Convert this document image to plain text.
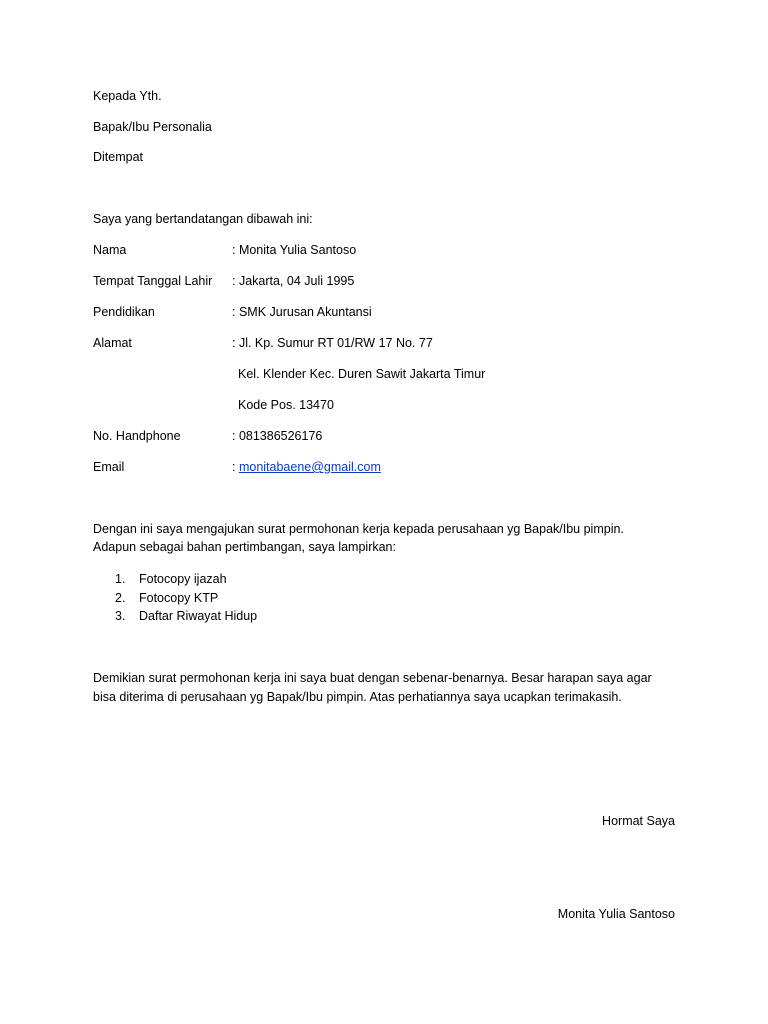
Kepada Yth.
Bapak/Ibu Personalia
Ditempat
Saya yang bertandatangan dibawah ini:
Nama	: Monita Yulia Santoso
Tempat Tanggal Lahir : Jakarta, 04 Juli 1995
Pendidikan	: SMK Jurusan Akuntansi
Alamat	: Jl. Kp. Sumur RT 01/RW 17 No. 77
Kel. Klender Kec. Duren Sawit Jakarta Timur
Kode Pos. 13470
No. Handphone	: 081386526176
Email	: monitabaene@gmail.com
Dengan ini saya mengajukan surat permohonan kerja kepada perusahaan yg Bapak/Ibu pimpin.
Adapun sebagai bahan pertimbangan, saya lampirkan:
1. Fotocopy ijazah
2. Fotocopy KTP
3. Daftar Riwayat Hidup
Demikian surat permohonan kerja ini saya buat dengan sebenar-benarnya. Besar harapan saya agar
bisa diterima di perusahaan yg Bapak/Ibu pimpin. Atas perhatiannya saya ucapkan terimakasih.
Hormat Saya
Monita Yulia Santoso
